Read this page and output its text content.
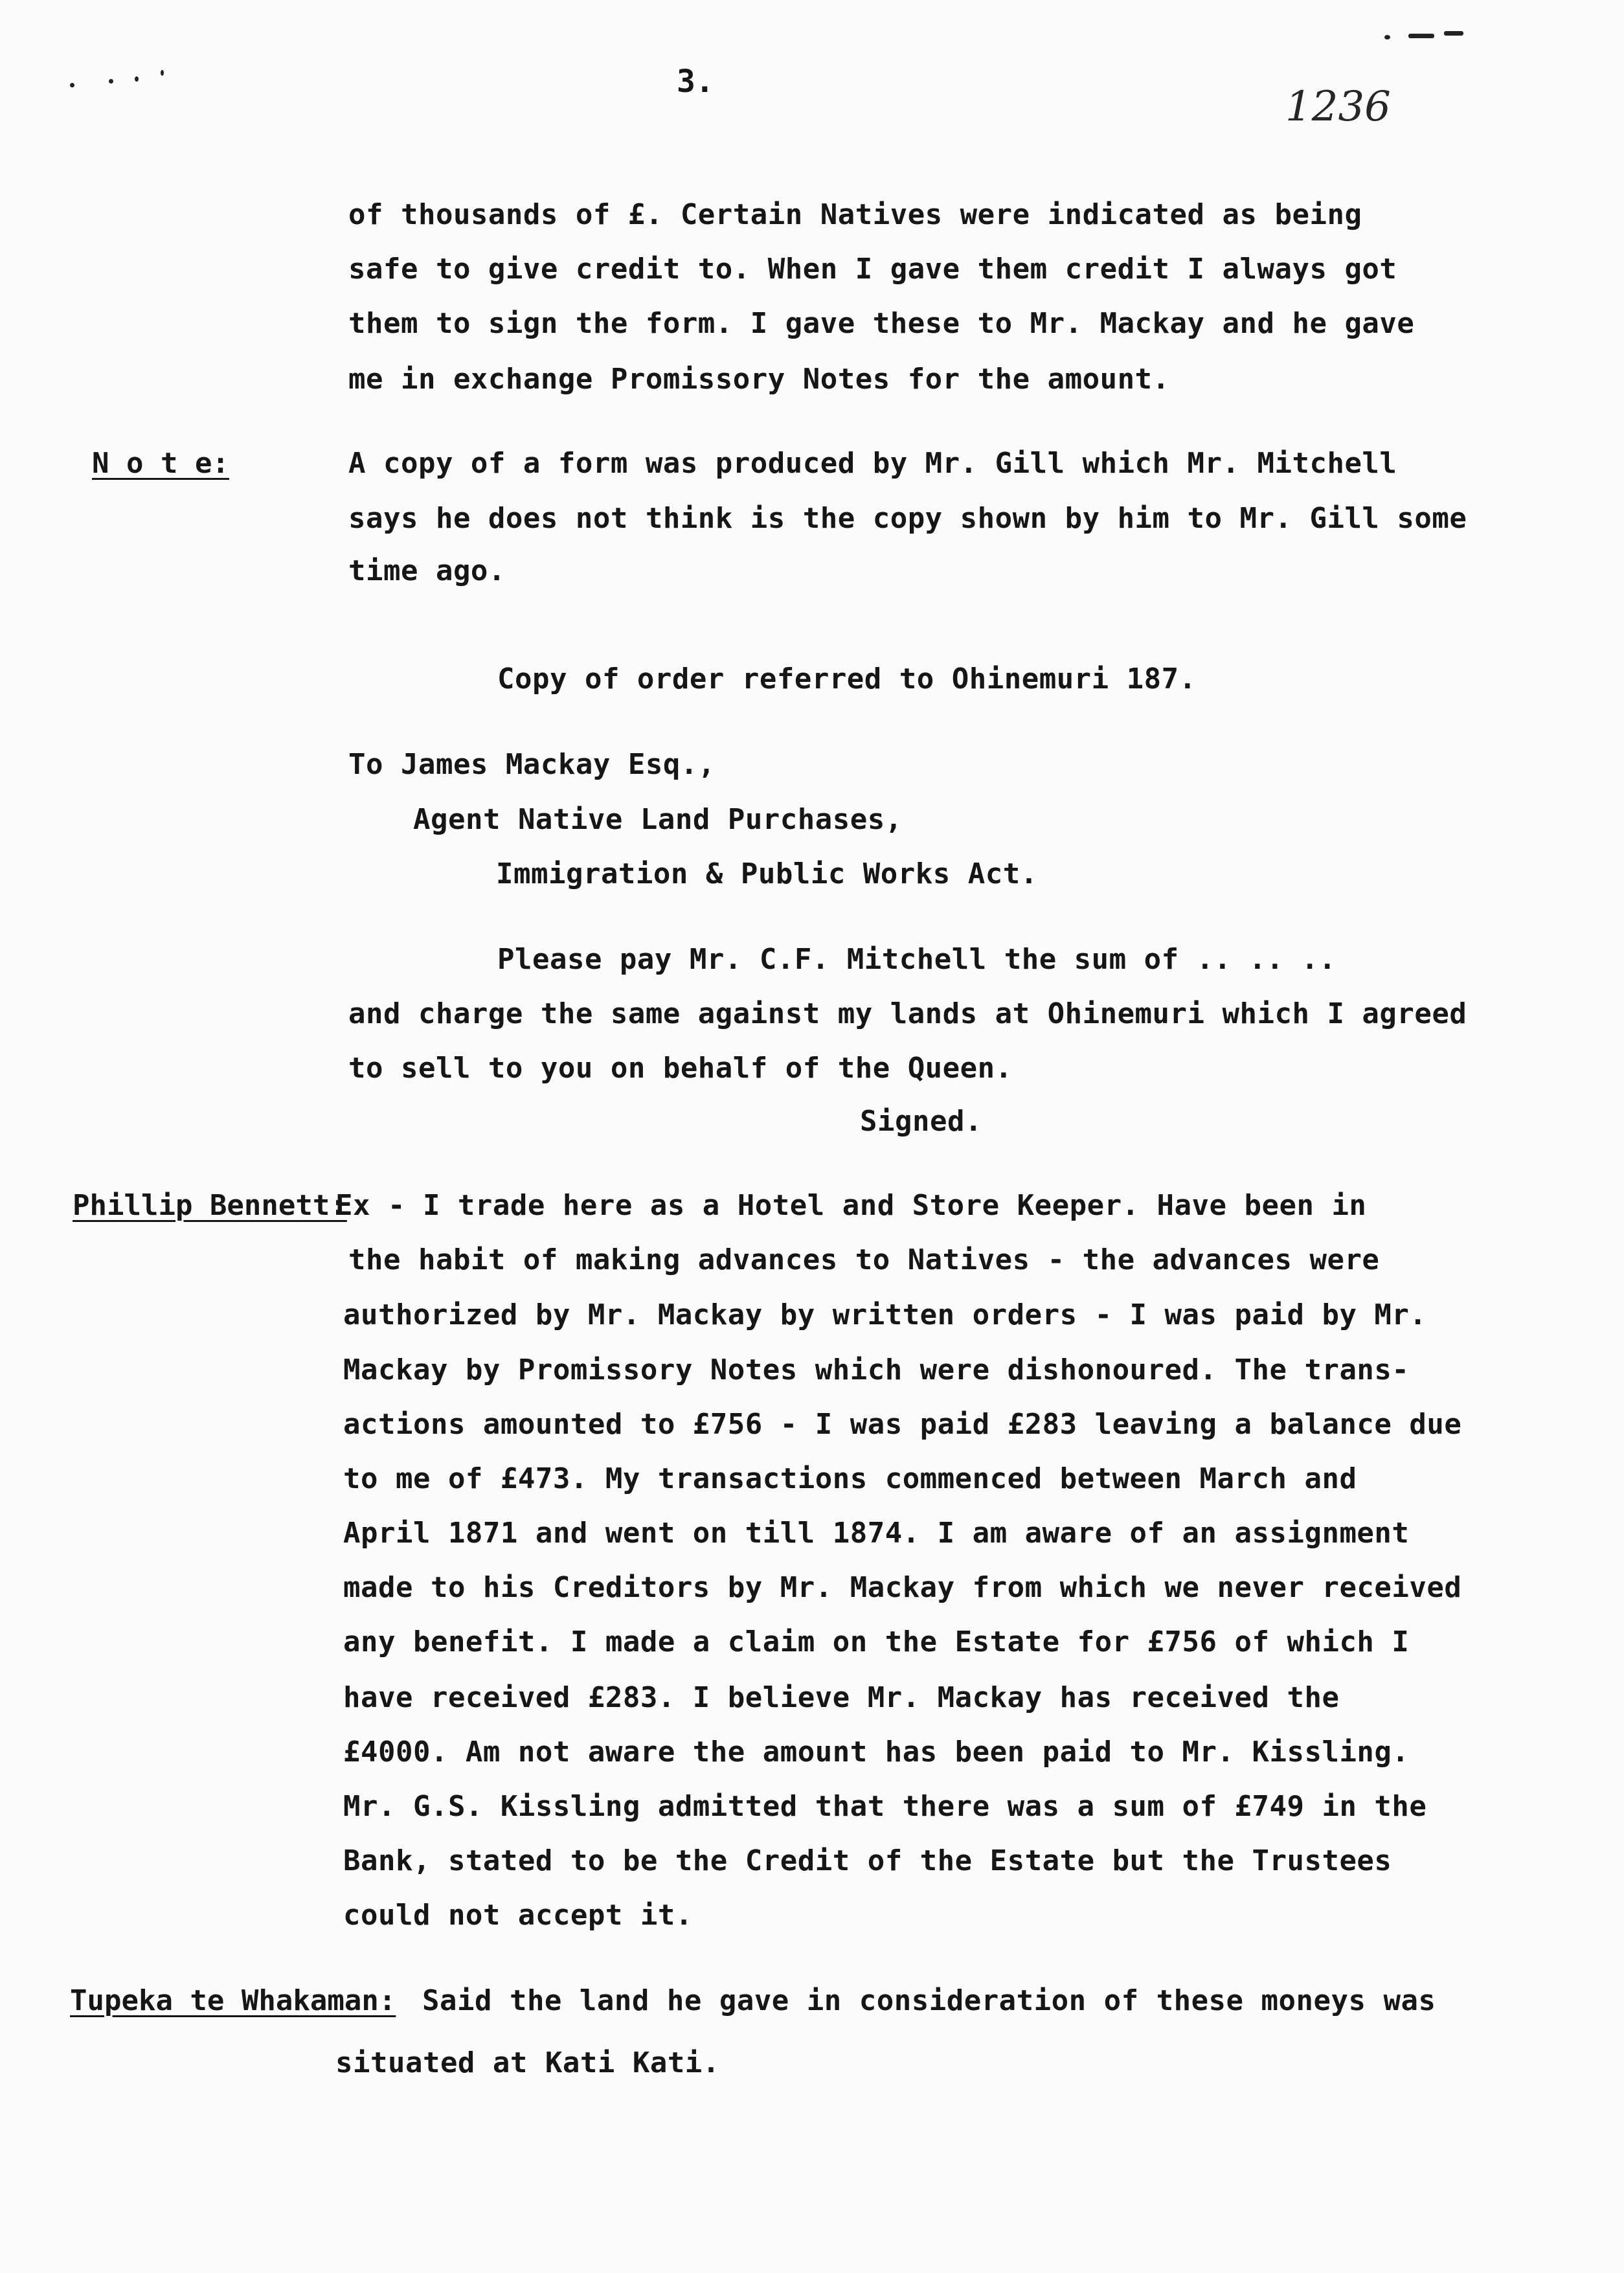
3.
1236
of thousands of £. Certain Natives were indicated as being
safe to give credit to. When I gave them credit I always got
them to sign the form. I gave these to Mr. Mackay and he gave
me in exchange Promissory Notes for the amount.
N o t e:	A copy of a form was produced by Mr. Gill which Mr. Mitchell
says he does not think is the copy shown by him to Mr. Gill some
time ago.
Copy of order referred to Ohinemuri 187.
To James Mackay Esq.,
Agent Native Land Purchases,
Immigration & Public Works Act.
Please pay Mr. C.F. Mitchell the sum of .. .. ..
and charge the same against my lands at Ohinemuri which I agreed
to sell to you on behalf of the Queen.
Signed.
Phillip Bennett:
Ex - I trade here as a Hotel and Store Keeper. Have been in
the habit of making advances to Natives - the advances were
authorized by Mr. Mackay by written orders - I was paid by Mr.
Mackay by Promissory Notes which were dishonoured. The trans-
actions amounted to £756 - I was paid £283 leaving a balance due
to me of £473. My transactions commenced between March and
April 1871 and went on till 1874. I am aware of an assignment
made to his Creditors by Mr. Mackay from which we never received
any benefit. I made a claim on the Estate for £756 of which I
have received £283. I believe Mr. Mackay has received the
£4000. Am not aware the amount has been paid to Mr. Kissling.
Mr. G.S. Kissling admitted that there was a sum of £749 in the
Bank, stated to be the Credit of the Estate but the Trustees
could not accept it.
Tupeka te Whakaman: Said the land he gave in consideration of these moneys was
situated at Kati Kati.
